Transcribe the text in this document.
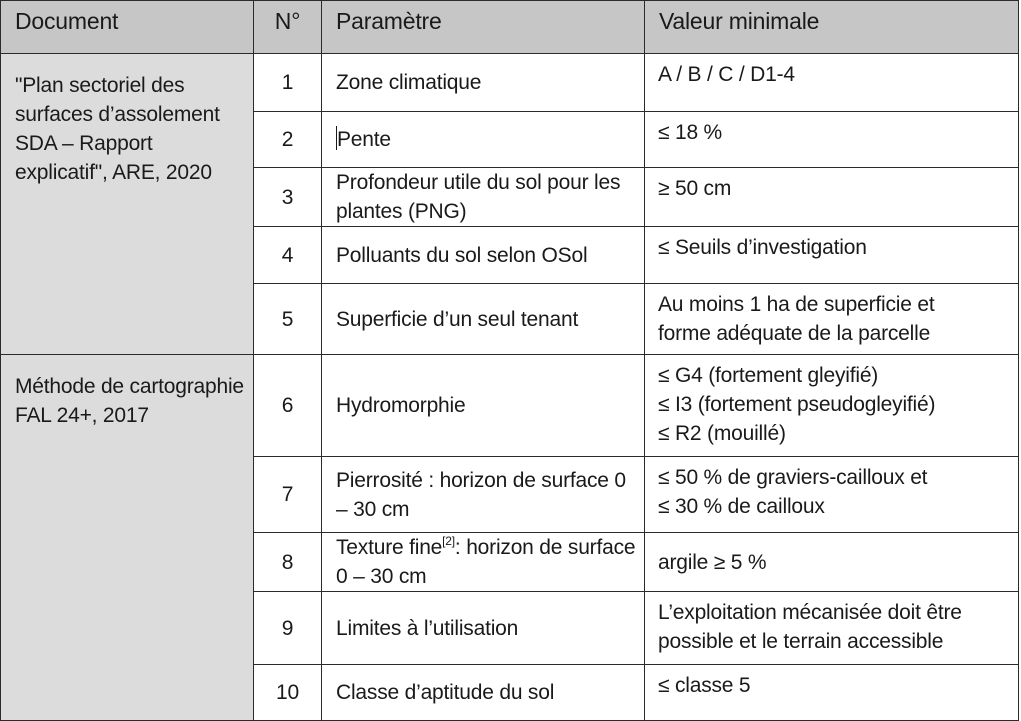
Document	N°	Paramètre	Valeur minimale
"Plan sectoriel des surfaces d’assolement SDA – Rapport explicatif", ARE, 2020	1	Zone climatique	A / B / C / D1-4

	2	Pente	≤ 18 %

	3	Profondeur utile du sol pour les plantes (PNG)	≥ 50 cm

	4	Polluants du sol selon OSol	≤ Seuils d’investigation

	5	Superficie d’un seul tenant	Au moins 1 ha de superficie et
forme adéquate de la parcelle

Méthode de cartographie FAL 24+, 2017	6	Hydromorphie	≤ G4 (fortement gleyifié)
≤ I3 (fortement pseudogleyifié)
≤ R2 (mouillé)

	7	Pierrosité : horizon de surface 0 – 30 cm	≤ 50 % de graviers-cailloux et
≤ 30 % de cailloux

	8	Texture fine[2]: horizon de surface 0 – 30 cm	argile ≥ 5 %

	9	Limites à l’utilisation	L’exploitation mécanisée doit être
possible et le terrain accessible

	10	Classe d’aptitude du sol	≤ classe 5
